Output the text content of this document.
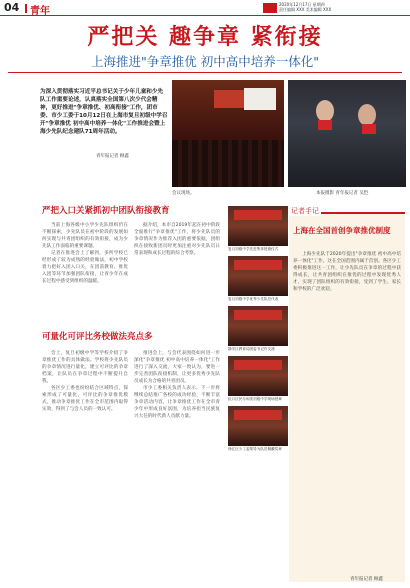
04 青年
2020年12月17日 星期四
责任编辑 XXX 美术编辑 XXX
严把关 趣争章 紧衔接
上海推进"争章推优 初中高中培养一体化"
为深入贯彻落实习近平总书记关于少年儿童和少先队工作重要论述，认真落实全国第八次少代会精神，更好推进"争章推优、初高衔接"工作，团市委、市少工委于10月12日在上海市复旦初级中学召开"争章推优 初中高中培养一体化"工作推进会暨上海少先队纪念建队71周年活动。
青年报记者 顾鑫
会议现场。	本报摄影 青年报记者 吴恺
严把入口关紧抓初中团队衔接教育

当前上海各级中小学少先队组织仍在不断探索，少先队员在初中阶段的发展如何实现与共青团组织的有效衔接，成为少先队工作面临的重要课题。

记者在推进会上了解到，多所学校已经形成了较为成熟的经验做法，初中学校着力把好入团入口关，在团前教育、推优入团等环节加强团队衔接，让青少年在成长过程中感受到组织的温暖。

据介绍，本市自2019年起在初中阶段全面推行"争章推优"工作，将少先队员的争章情况作为推荐入团的重要依据，团组织在接收新团员时更加注重对少先队员日常表现和成长过程的综合考察。

可量化可评比务校做法亮点多

会上，复旦初级中学等学校介绍了争章推优工作的具体做法。学校将少先队员的争章情况进行量化，建立可评比的争章档案，让队员在争章过程中不断提升自我。

各区少工委也纷纷结合区域特点，探索形成了可量化、可评比的争章推优模式，推动争章推优工作在全市范围内取得实效，得到了与会人员的一致认可。

推进会上，与会代表围绕如何进一步深化"争章推优 初中高中培养一体化"工作进行了深入交流，大家一致认为，要进一步完善团队衔接机制，让更多优秀少先队员成长为合格的共青团员。

市少工委相关负责人表示，下一步将继续总结推广各校的成功经验，不断丰富争章活动内容，让争章推优工作在全市青少年中形成良好氛围，为培养担当民族复兴大任的时代新人贡献力量。

复旦初级中学先进集体授旗仪式
复旦初级中学优秀少先队员代表
静安区教育局团委书记作交流
虹口区民办和美初级中学现场授章
徐汇区少工委领导为队员佩戴奖章
记者手记
上海在全国首创争章推优制度
上海少先队于2020年提出"争章推优 初中高中培养一体化"工作，这在全国范围内属于首创。各区少工委积极推进这一工作，让少先队员在争章的过程中获得成长，让共青团组织在推优的过程中发现优秀人才，实现了团队组织的有效衔接，受到了学生、家长和学校的广泛欢迎。
青年报记者 顾鑫
